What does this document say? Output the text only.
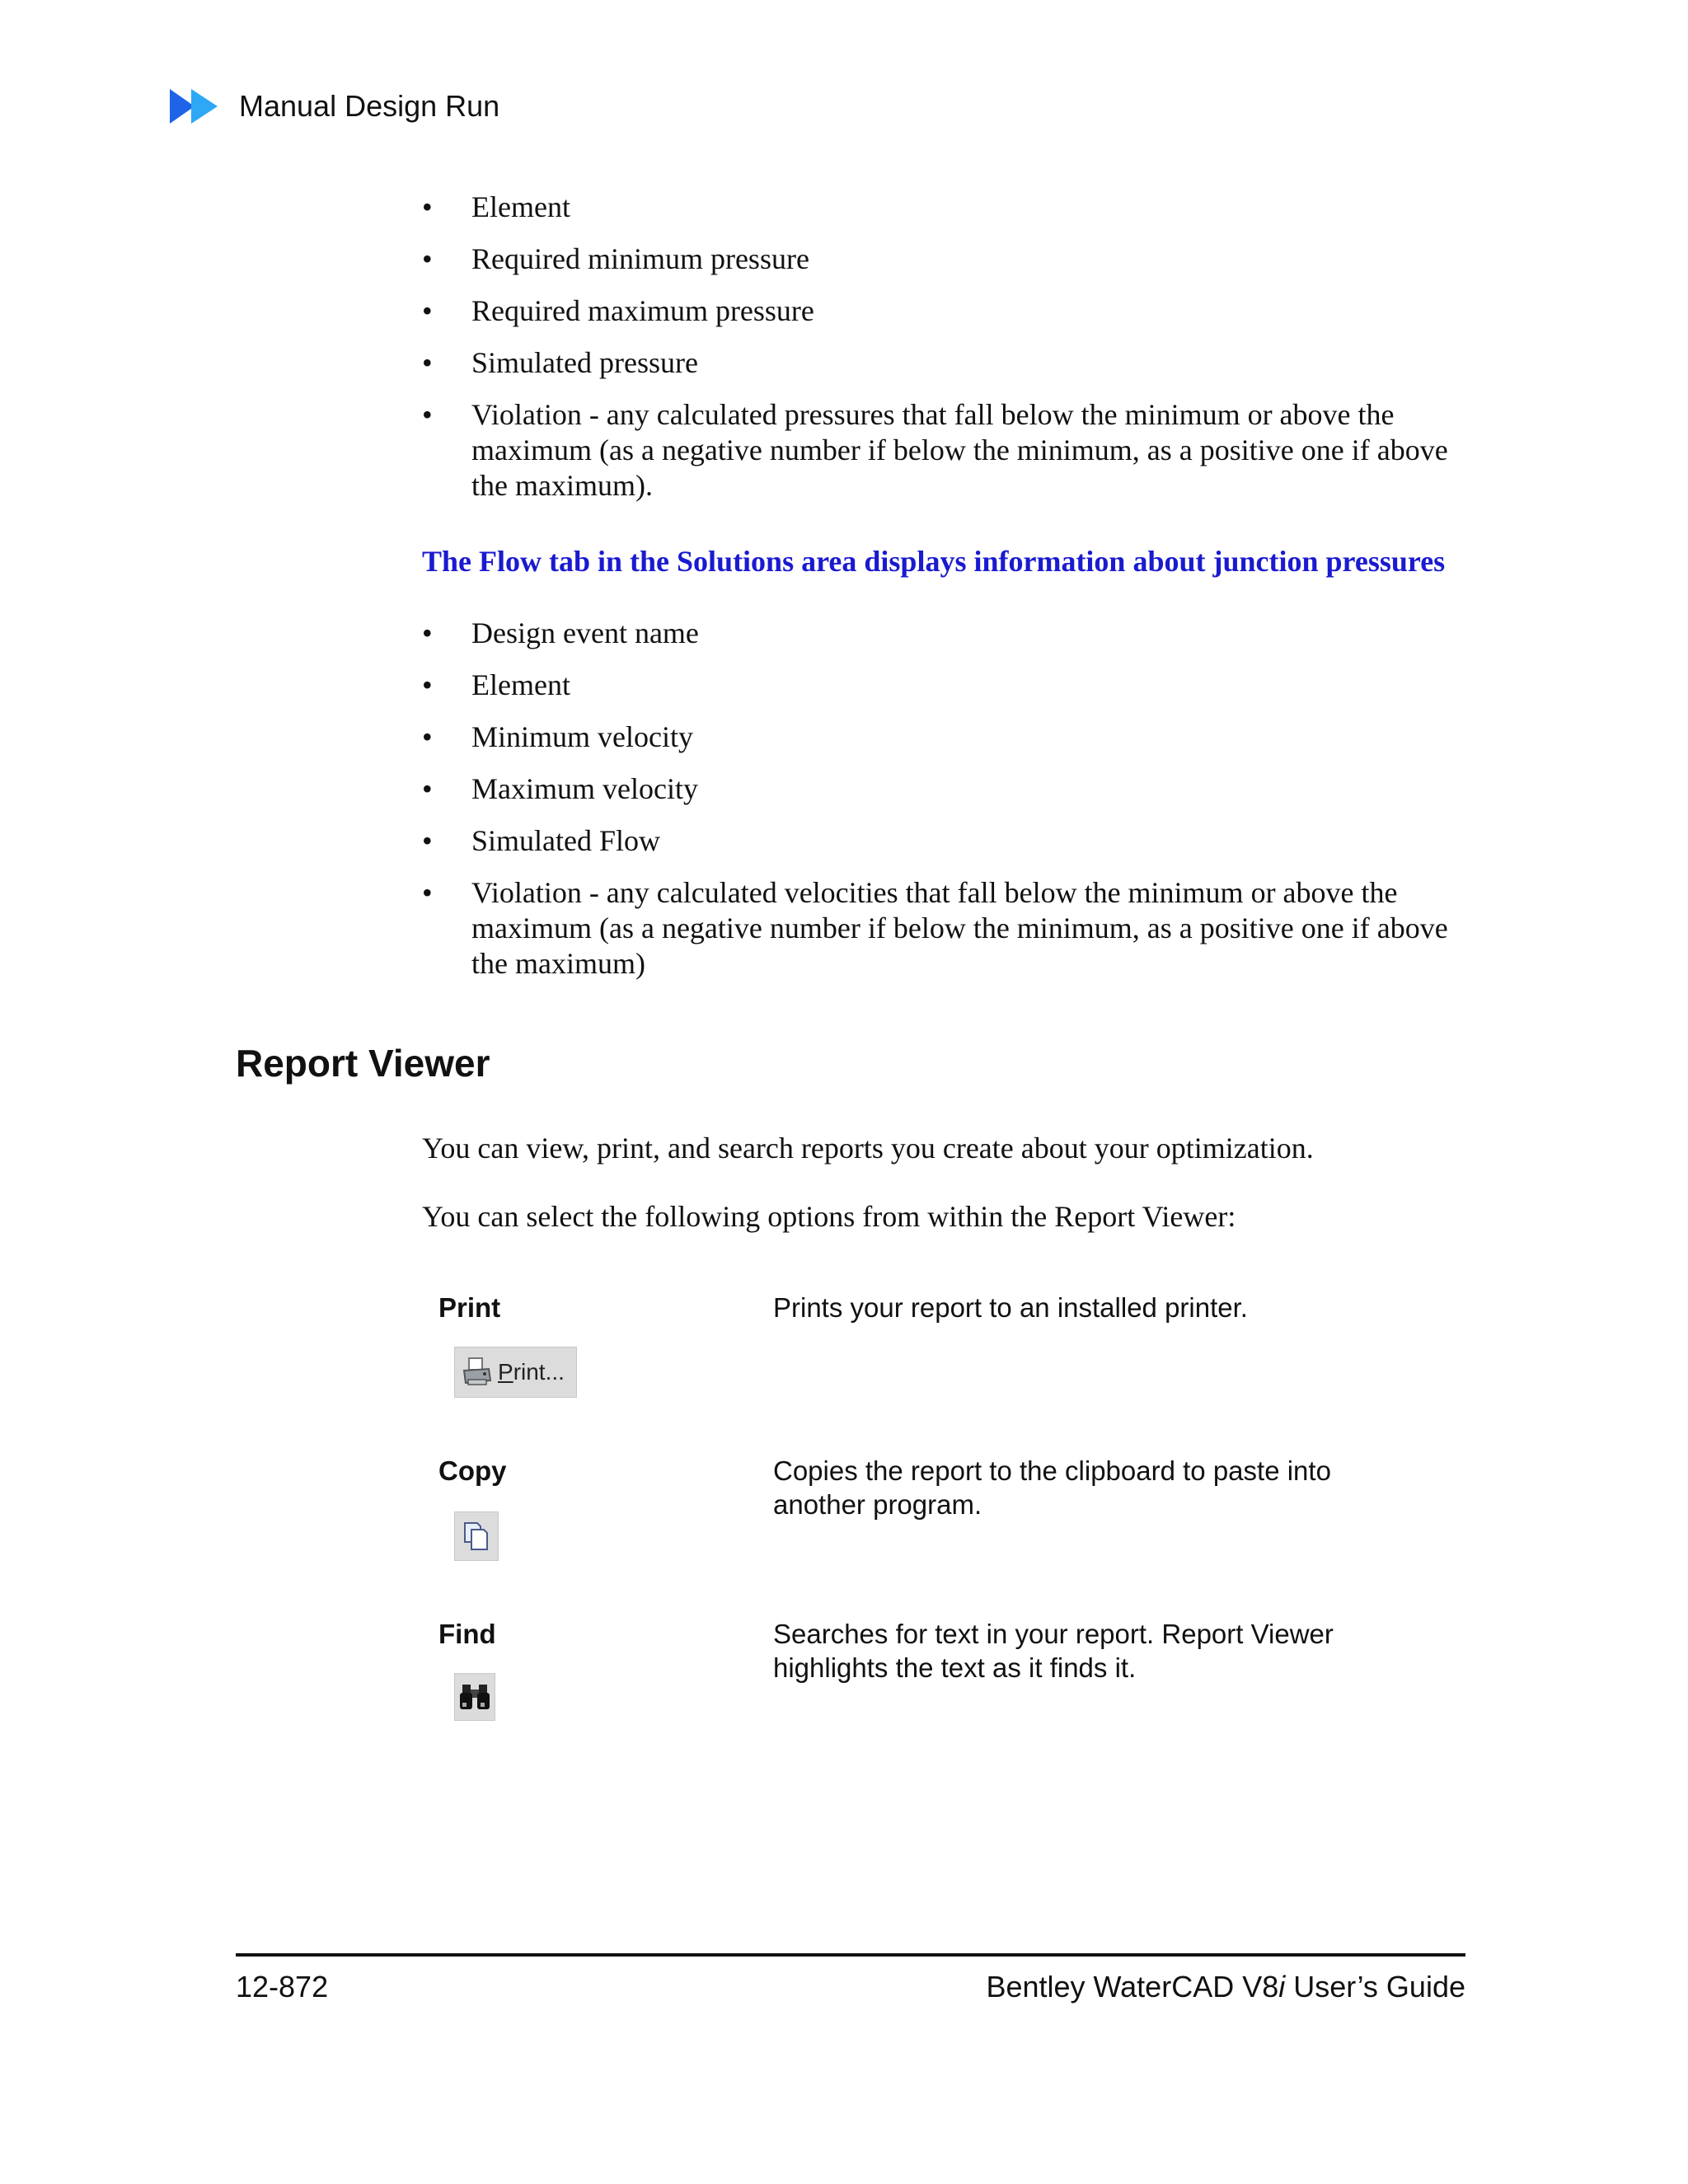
Manual Design Run
• Element
• Required minimum pressure
• Required maximum pressure
• Simulated pressure
• Violation - any calculated pressures that fall below the minimum or above the maximum (as a negative number if below the minimum, as a positive one if above the maximum).
The Flow tab in the Solutions area displays information about junction pressures
• Design event name
• Element
• Minimum velocity
• Maximum velocity
• Simulated Flow
• Violation - any calculated velocities that fall below the minimum or above the maximum (as a negative number if below the minimum, as a positive one if above the maximum)
Report Viewer
You can view, print, and search reports you create about your optimization.
You can select the following options from within the Report Viewer:
Print	Prints your report to an installed printer.
Print...
Copy	Copies the report to the clipboard to paste into another program.
Find	Searches for text in your report. Report Viewer highlights the text as it finds it.
12-872	Bentley WaterCAD V8i User’s Guide
